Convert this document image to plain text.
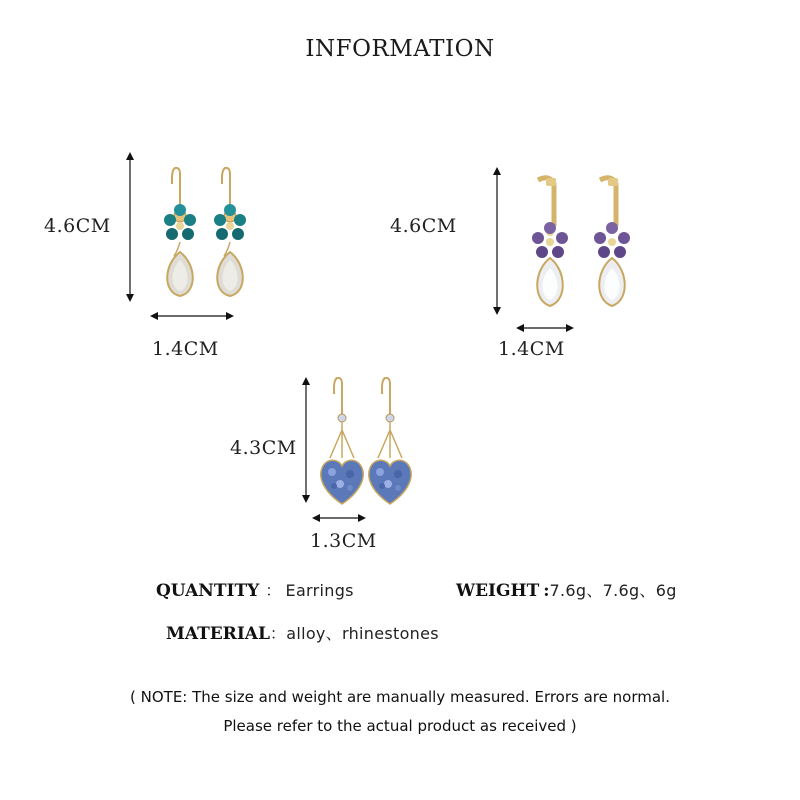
INFORMATION
4.6CM
1.4CM
4.6CM
1.4CM
4.3CM
1.3CM
QUANTITY ： Earrings	WEIGHT :7.6g、7.6g、6g
MATERIAL：alloy、rhinestones
( NOTE: The size and weight are manually measured. Errors are normal.
Please refer to the actual product as received )
